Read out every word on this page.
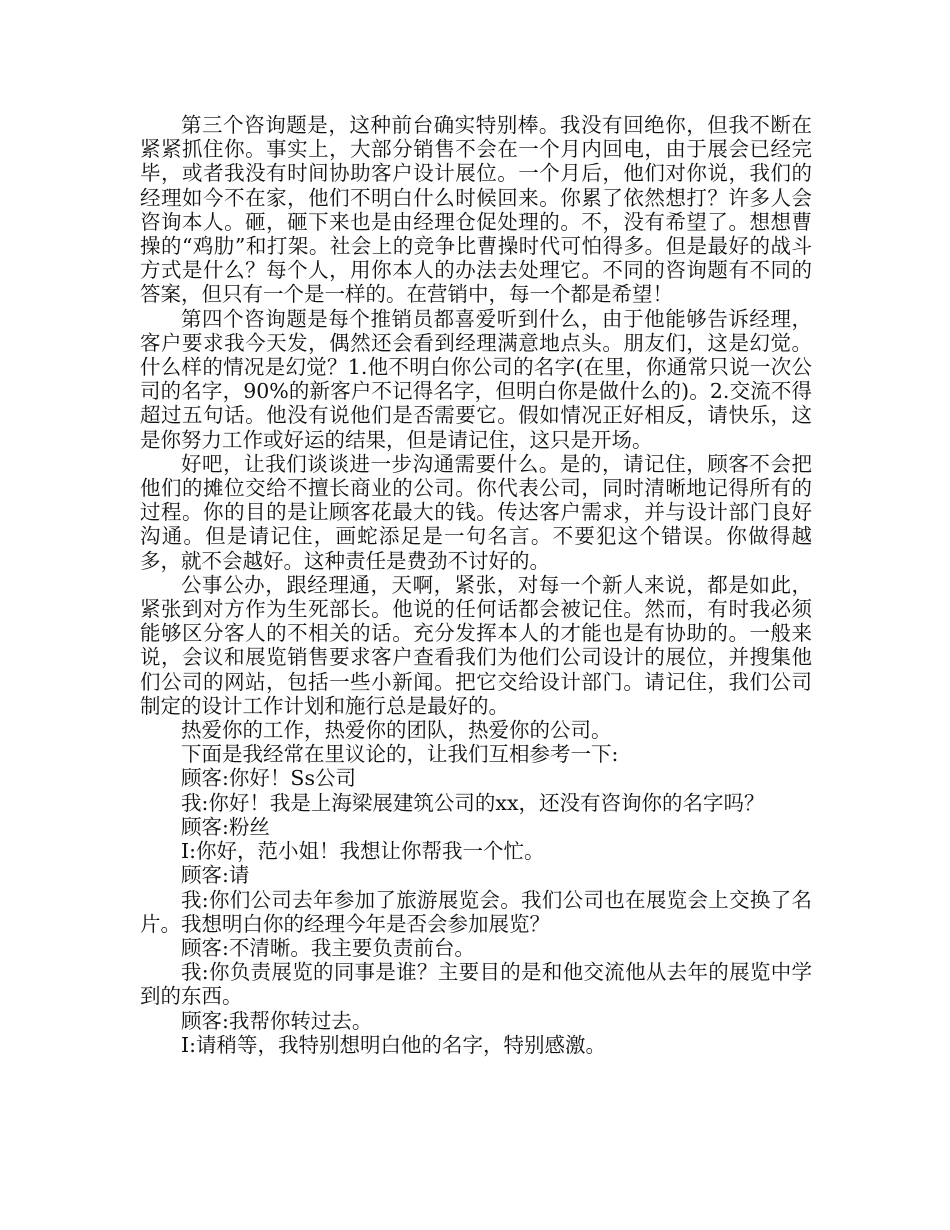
第三个咨询题是，这种前台确实特别棒。我没有回绝你，但我不断在紧紧抓住你。事实上，大部分销售不会在一个月内回电，由于展会已经完毕，或者我没有时间协助客户设计展位。一个月后，他们对你说，我们的经理如今不在家，他们不明白什么时候回来。你累了依然想打？许多人会咨询本人。砸，砸下来也是由经理仓促处理的。不，没有希望了。想想曹操的“鸡肋”和打架。社会上的竞争比曹操时代可怕得多。但是最好的战斗方式是什么？每个人，用你本人的办法去处理它。不同的咨询题有不同的答案，但只有一个是一样的。在营销中，每一个都是希望！

第四个咨询题是每个推销员都喜爱听到什么，由于他能够告诉经理，客户要求我今天发，偶然还会看到经理满意地点头。朋友们，这是幻觉。什么样的情况是幻觉？1.他不明白你公司的名字(在里，你通常只说一次公司的名字，90%的新客户不记得名字，但明白你是做什么的)。2.交流不得超过五句话。他没有说他们是否需要它。假如情况正好相反，请快乐，这是你努力工作或好运的结果，但是请记住，这只是开场。

好吧，让我们谈谈进一步沟通需要什么。是的，请记住，顾客不会把他们的摊位交给不擅长商业的公司。你代表公司，同时清晰地记得所有的过程。你的目的是让顾客花最大的钱。传达客户需求，并与设计部门良好沟通。但是请记住，画蛇添足是一句名言。不要犯这个错误。你做得越多，就不会越好。这种责任是费劲不讨好的。

公事公办，跟经理通，天啊，紧张，对每一个新人来说，都是如此，紧张到对方作为生死部长。他说的任何话都会被记住。然而，有时我必须能够区分客人的不相关的话。充分发挥本人的才能也是有协助的。一般来说，会议和展览销售要求客户查看我们为他们公司设计的展位，并搜集他们公司的网站，包括一些小新闻。把它交给设计部门。请记住，我们公司制定的设计工作计划和施行总是最好的。

热爱你的工作，热爱你的团队，热爱你的公司。

下面是我经常在里议论的，让我们互相参考一下:

顾客:你好！Ss公司

我:你好！我是上海梁展建筑公司的xx，还没有咨询你的名字吗？

顾客:粉丝

I:你好，范小姐！我想让你帮我一个忙。

顾客:请

我:你们公司去年参加了旅游展览会。我们公司也在展览会上交换了名片。我想明白你的经理今年是否会参加展览？

顾客:不清晰。我主要负责前台。

我:你负责展览的同事是谁？主要目的是和他交流他从去年的展览中学到的东西。

顾客:我帮你转过去。

I:请稍等，我特别想明白他的名字，特别感激。
